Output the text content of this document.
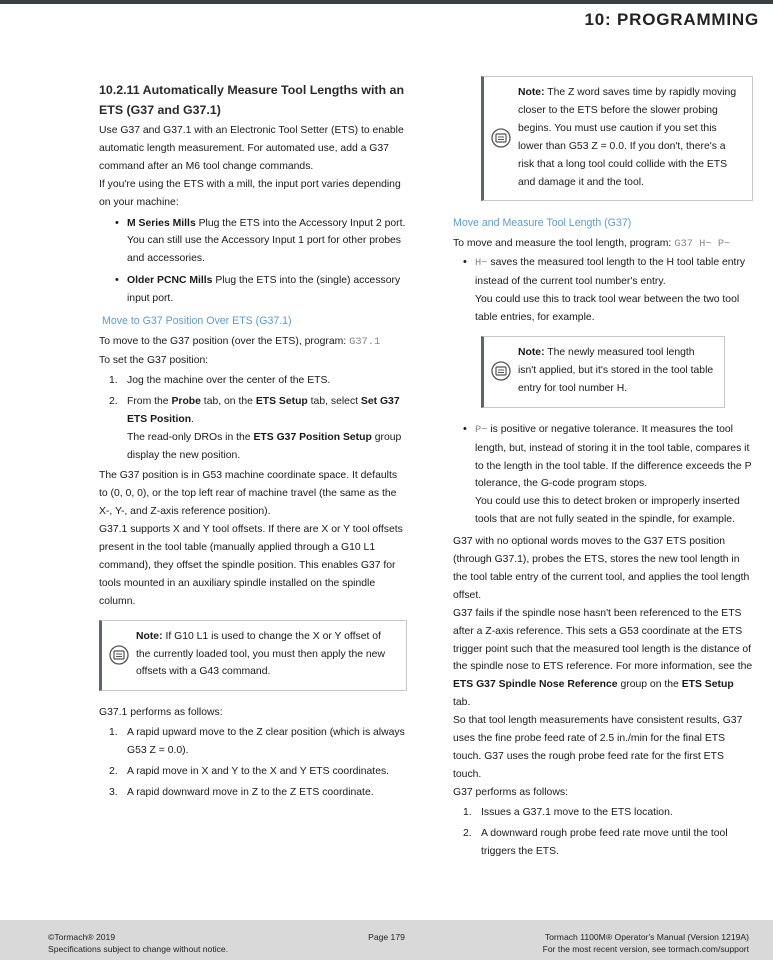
10: PROGRAMMING
10.2.11 Automatically Measure Tool Lengths with an ETS (G37 and G37.1)

Use G37 and G37.1 with an Electronic Tool Setter (ETS) to enable automatic length measurement. For automated use, add a G37 command after an M6 tool change commands.

If you're using the ETS with a mill, the input port varies depending on your machine:

• M Series Mills Plug the ETS into the Accessory Input 2 port. You can still use the Accessory Input 1 port for other probes and accessories.
• Older PCNC Mills Plug the ETS into the (single) accessory input port.
Move to G37 Position Over ETS (G37.1)

To move to the G37 position (over the ETS), program: G37.1

To set the G37 position:

1. Jog the machine over the center of the ETS.
2. From the Probe tab, on the ETS Setup tab, select Set G37 ETS Position.
The read-only DROs in the ETS G37 Position Setup group display the new position.

The G37 position is in G53 machine coordinate space. It defaults to (0, 0, 0), or the top left rear of machine travel (the same as the X-, Y-, and Z-axis reference position).

G37.1 supports X and Y tool offsets. If there are X or Y tool offsets present in the tool table (manually applied through a G10 L1 command), they offset the spindle position. This enables G37 for tools mounted in an auxiliary spindle installed on the spindle column.

Note: If G10 L1 is used to change the X or Y offset of the currently loaded tool, you must then apply the new offsets with a G43 command.

G37.1 performs as follows:

1. A rapid upward move to the Z clear position (which is always G53 Z = 0.0).
2. A rapid move in X and Y to the X and Y ETS coordinates.
3. A rapid downward move in Z to the Z ETS coordinate.
Note: The Z word saves time by rapidly moving closer to the ETS before the slower probing begins. You must use caution if you set this lower than G53 Z = 0.0. If you don't, there's a risk that a long tool could collide with the ETS and damage it and the tool.
Move and Measure Tool Length (G37)

To move and measure the tool length, program: G37 H~ P~

• H~ saves the measured tool length to the H tool table entry instead of the current tool number's entry.
You could use this to track tool wear between the two tool table entries, for example.
Note: The newly measured tool length isn't applied, but it's stored in the tool table entry for tool number H.
• P~ is positive or negative tolerance. It measures the tool length, but, instead of storing it in the tool table, compares it to the length in the tool table. If the difference exceeds the P tolerance, the G-code program stops.
You could use this to detect broken or improperly inserted tools that are not fully seated in the spindle, for example.

G37 with no optional words moves to the G37 ETS position (through G37.1), probes the ETS, stores the new tool length in the tool table entry of the current tool, and applies the tool length offset.

G37 fails if the spindle nose hasn't been referenced to the ETS after a Z-axis reference. This sets a G53 coordinate at the ETS trigger point such that the measured tool length is the distance of the spindle nose to ETS reference. For more information, see the ETS G37 Spindle Nose Reference group on the ETS Setup tab.

So that tool length measurements have consistent results, G37 uses the fine probe feed rate of 2.5 in./min for the final ETS touch. G37 uses the rough probe feed rate for the first ETS touch.

G37 performs as follows:

1. Issues a G37.1 move to the ETS location.
2. A downward rough probe feed rate move until the tool triggers the ETS.
©Tormach® 2019
Specifications subject to change without notice.
Page 179	Tormach 1100M® Operator's Manual (Version 1219A)
For the most recent version, see tormach.com/support
